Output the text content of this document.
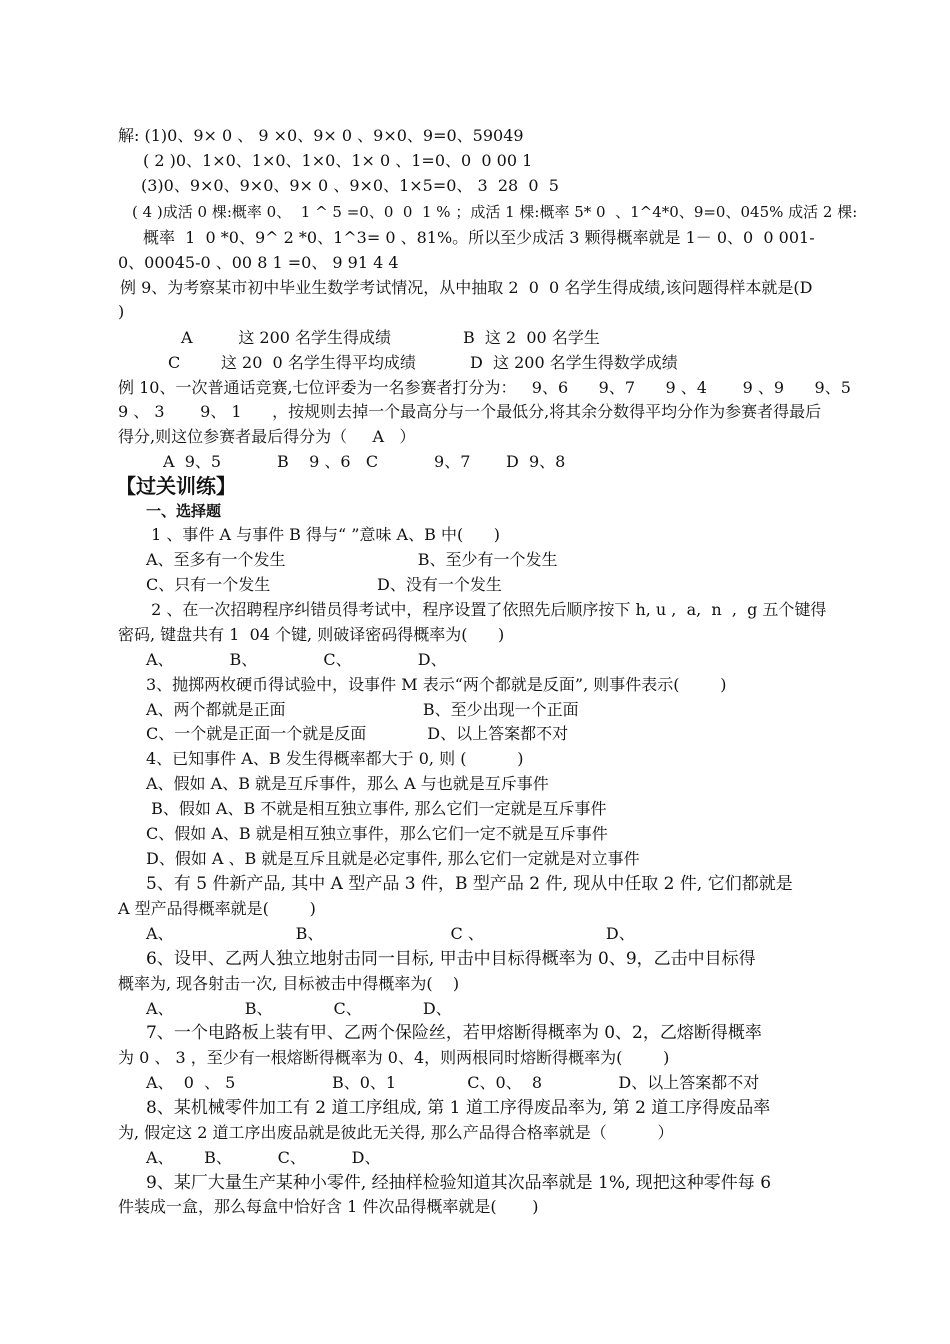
解: (1)0、9× 0 、 9 ×0、9× 0 、9×0、9=0、59049
( 2 )0、1×0、1×0、1×0、1× 0 、1=0、0  0 00 1
(3)0、9×0、9×0、9× 0 、9×0、1×5=0、 3  28  0  5
( 4 )成活 0 棵:概率 0、  1 ^ 5 =0、0  0  1 % ；成活 1 棵:概率 5* 0  、1^4*0、9=0、045% 成活 2 棵:
概率  1  0 *0、9^ 2 *0、1^3= 0 、81%。所以至少成活 3 颗得概率就是 1－ 0、0  0 001-
0、00045-0 、00 8 1 =0、 9 91 4 4
例 9、为考察某市初中毕业生数学考试情况，从中抽取 2  0  0 名学生得成绩,该问题得样本就是(D
)
A         这 200 名学生得成绩	B  这 2  00 名学生
C        这 20  0 名学生得平均成绩	D  这 200 名学生得数学成绩
例 10、一次普通话竞赛,七位评委为一名参赛者打分为：   9、6      9、7      9 、4       9 、9      9、5
9 、 3       9、 1      ，按规则去掉一个最高分与一个最低分,将其余分数得平均分作为参赛者得最后
得分,则这位参赛者最后得分为（     A   ）
A  9、5           B    9 、6   C           9、7       D  9、8
【过关训练】
一、选择题
1 、事件 A 与事件 B 得与“ ”意味 A、B 中(      )
A、至多有一个发生                          B、至少有一个发生
C、只有一个发生                     D、没有一个发生
2 、在一次招聘程序纠错员得考试中，程序设置了依照先后顺序按下 h, u ,  a,  n  ,  g 五个键得
密码, 键盘共有 1  04 个键, 则破译密码得概率为(      )
A、           B、             C、             D、
3、抛掷两枚硬币得试验中，设事件 M 表示“两个都就是反面”, 则事件表示(        )
A、两个都就是正面                           B、至少出现一个正面
C、一个就是正面一个就是反面            D、以上答案都不对
4、已知事件 A、B 发生得概率都大于 0, 则 (          )
A、假如 A、B 就是互斥事件，那么 A 与也就是互斥事件
B、假如 A、B 不就是相互独立事件, 那么它们一定就是互斥事件
C、假如 A、B 就是相互独立事件，那么它们一定不就是互斥事件
D、假如 A 、B 就是互斥且就是必定事件, 那么它们一定就是对立事件
5、有 5 件新产品, 其中 A 型产品 3 件，B 型产品 2 件, 现从中任取 2 件, 它们都就是
A 型产品得概率就是(        )
A、                        B、                         C 、                        D、
6、设甲、乙两人独立地射击同一目标, 甲击中目标得概率为 0、9，乙击中目标得
概率为, 现各射击一次, 目标被击中得概率为(    )
A、              B、            C、            D、
7、一个电路板上装有甲、乙两个保险丝，若甲熔断得概率为 0、2，乙熔断得概率
为 0 、 3 ，至少有一根熔断得概率为 0、4，则两根同时熔断得概率为(        )
A、  0  、 5                   B、0、1              C、0、  8               D、以上答案都不对
8、某机械零件加工有 2 道工序组成, 第 1 道工序得废品率为, 第 2 道工序得废品率
为, 假定这 2 道工序出废品就是彼此无关得, 那么产品得合格率就是（          ）
A、      B、         C、         D、
9、某厂大量生产某种小零件, 经抽样检验知道其次品率就是 1%, 现把这种零件每 6
件装成一盒，那么每盒中恰好含 1 件次品得概率就是(       )
